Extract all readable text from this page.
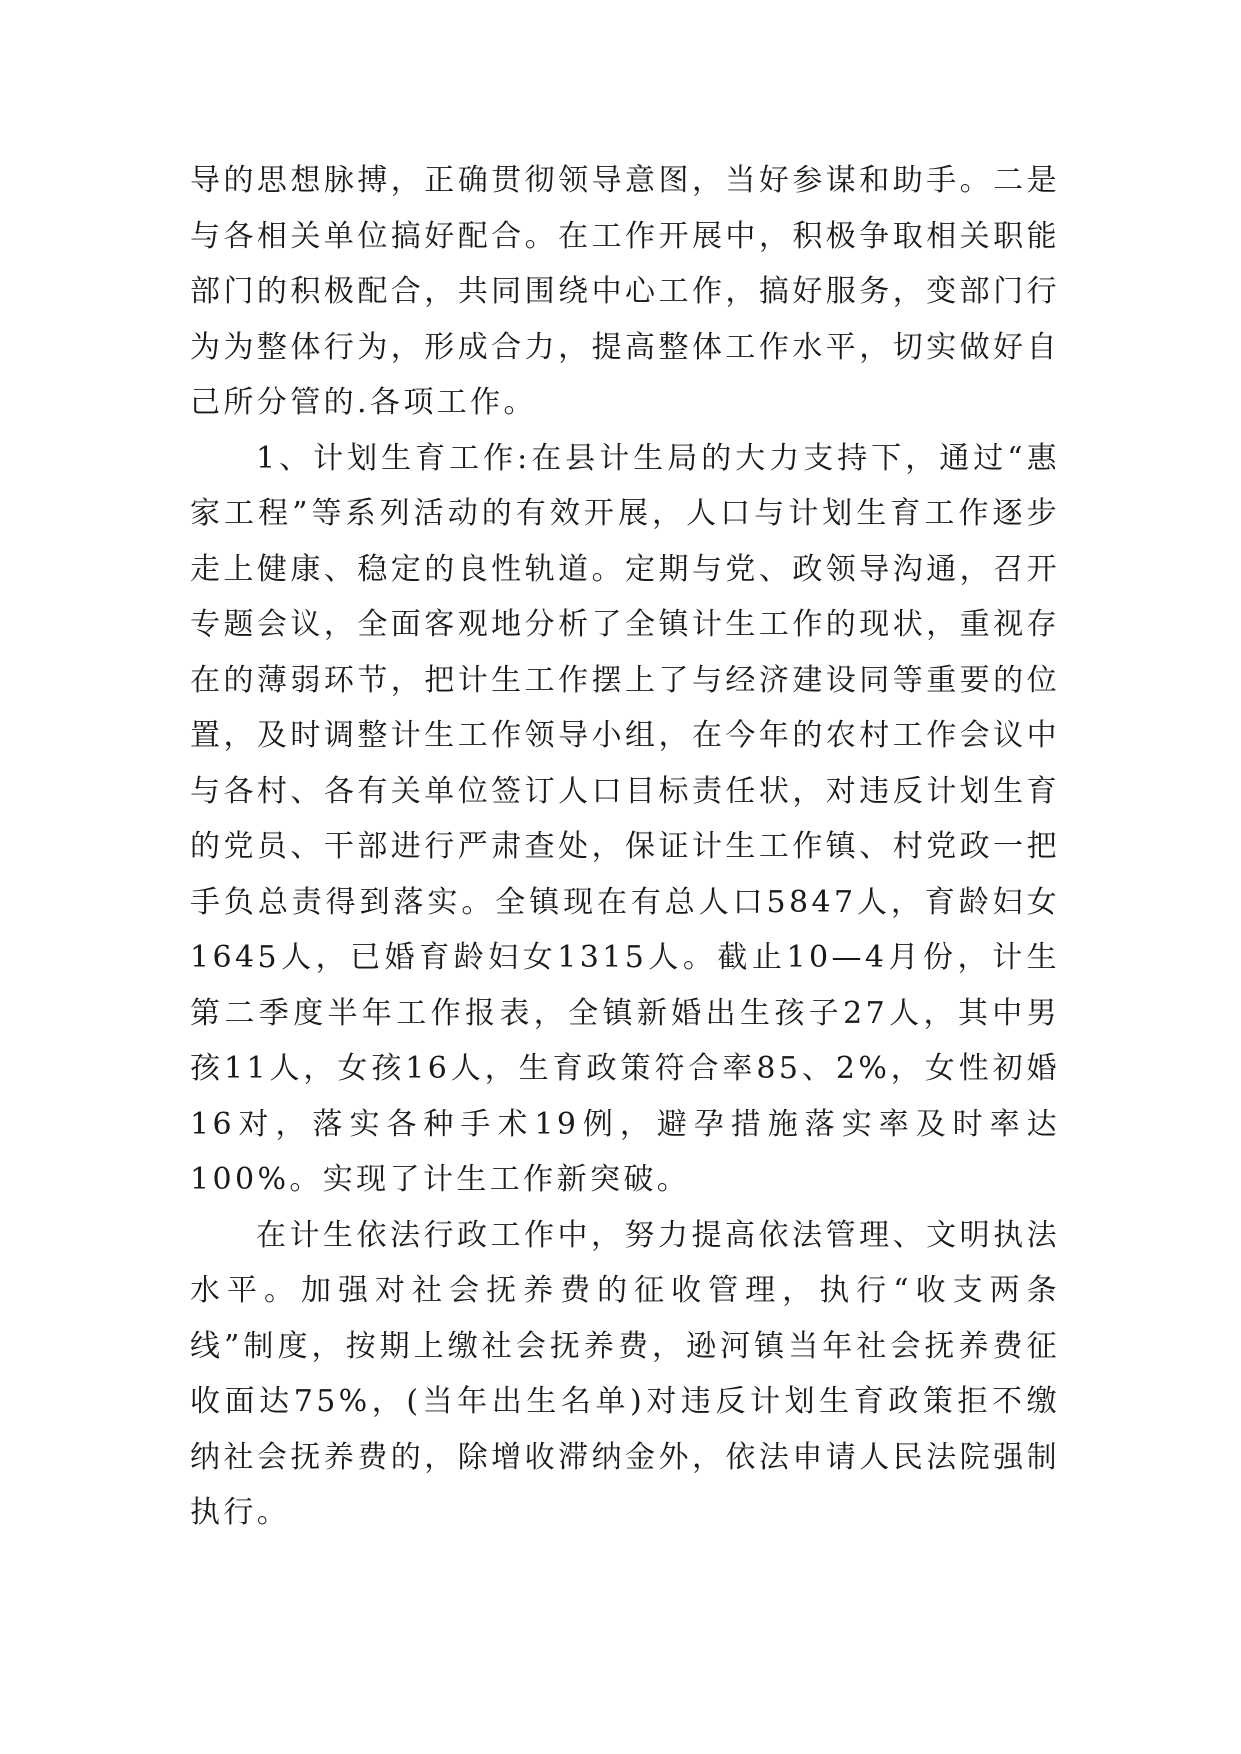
导的思想脉搏，正确贯彻领导意图，当好参谋和助手。二是与各相关单位搞好配合。在工作开展中，积极争取相关职能部门的积极配合，共同围绕中心工作，搞好服务，变部门行为为整体行为，形成合力，提高整体工作水平，切实做好自己所分管的.各项工作。

1、计划生育工作:在县计生局的大力支持下，通过“惠家工程”等系列活动的有效开展，人口与计划生育工作逐步走上健康、稳定的良性轨道。定期与党、政领导沟通，召开专题会议，全面客观地分析了全镇计生工作的现状，重视存在的薄弱环节，把计生工作摆上了与经济建设同等重要的位置，及时调整计生工作领导小组，在今年的农村工作会议中与各村、各有关单位签订人口目标责任状，对违反计划生育的党员、干部进行严肃查处，保证计生工作镇、村党政一把手负总责得到落实。全镇现在有总人口5847人，育龄妇女1645人，已婚育龄妇女1315人。截止10—4月份，计生第二季度半年工作报表，全镇新婚出生孩子27人，其中男孩11人，女孩16人，生育政策符合率85、2%，女性初婚16对，落实各种手术19例，避孕措施落实率及时率达100%。实现了计生工作新突破。

在计生依法行政工作中，努力提高依法管理、文明执法水平。加强对社会抚养费的征收管理，执行“收支两条线”制度，按期上缴社会抚养费，逊河镇当年社会抚养费征收面达75%，(当年出生名单)对违反计划生育政策拒不缴纳社会抚养费的，除增收滞纳金外，依法申请人民法院强制执行。
